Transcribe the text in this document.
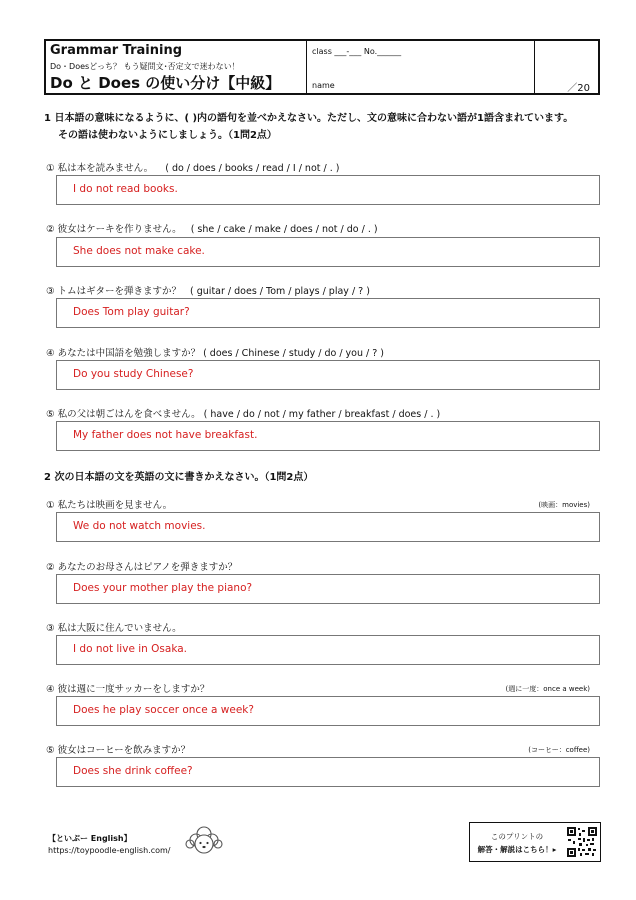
Grammar Training
Do・Doesどっち？ もう疑問文･否定文で迷わない！
Do と Does の使い分け【中級】
class ___-___ No.______
name	／20
1 日本語の意味になるように、( )内の語句を並べかえなさい。ただし、文の意味に合わない語が1語含まれています。
その語は使わないようにしましょう。（1問2点）
① 私は本を読みません。    ( do / does / books / read / I / not / . )
I do not read books.
② 彼女はケーキを作りません。   ( she / cake / make / does / not / do / . )
She does not make cake.
③ トムはギターを弾きますか？   ( guitar / does / Tom / plays / play / ? )
Does Tom play guitar?
④ あなたは中国語を勉強しますか？ ( does / Chinese / study / do / you / ? )
Do you study Chinese?
⑤ 私の父は朝ごはんを食べません。 ( have / do / not / my father / breakfast / does / . )
My father does not have breakfast.
2 次の日本語の文を英語の文に書きかえなさい。（1問2点）
① 私たちは映画を見ません。	(映画：movies)
We do not watch movies.
② あなたのお母さんはピアノを弾きますか？
Does your mother play the piano?
③ 私は大阪に住んでいません。
I do not live in Osaka.
④ 彼は週に一度サッカーをしますか？	(週に一度：once a week)
Does he play soccer once a week?
⑤ 彼女はコーヒーを飲みますか？	(コーヒー：coffee)
Does she drink coffee?
【といぷー English】
https://toypoodle-english.com/
このプリントの
解答・解説はこちら！▸
